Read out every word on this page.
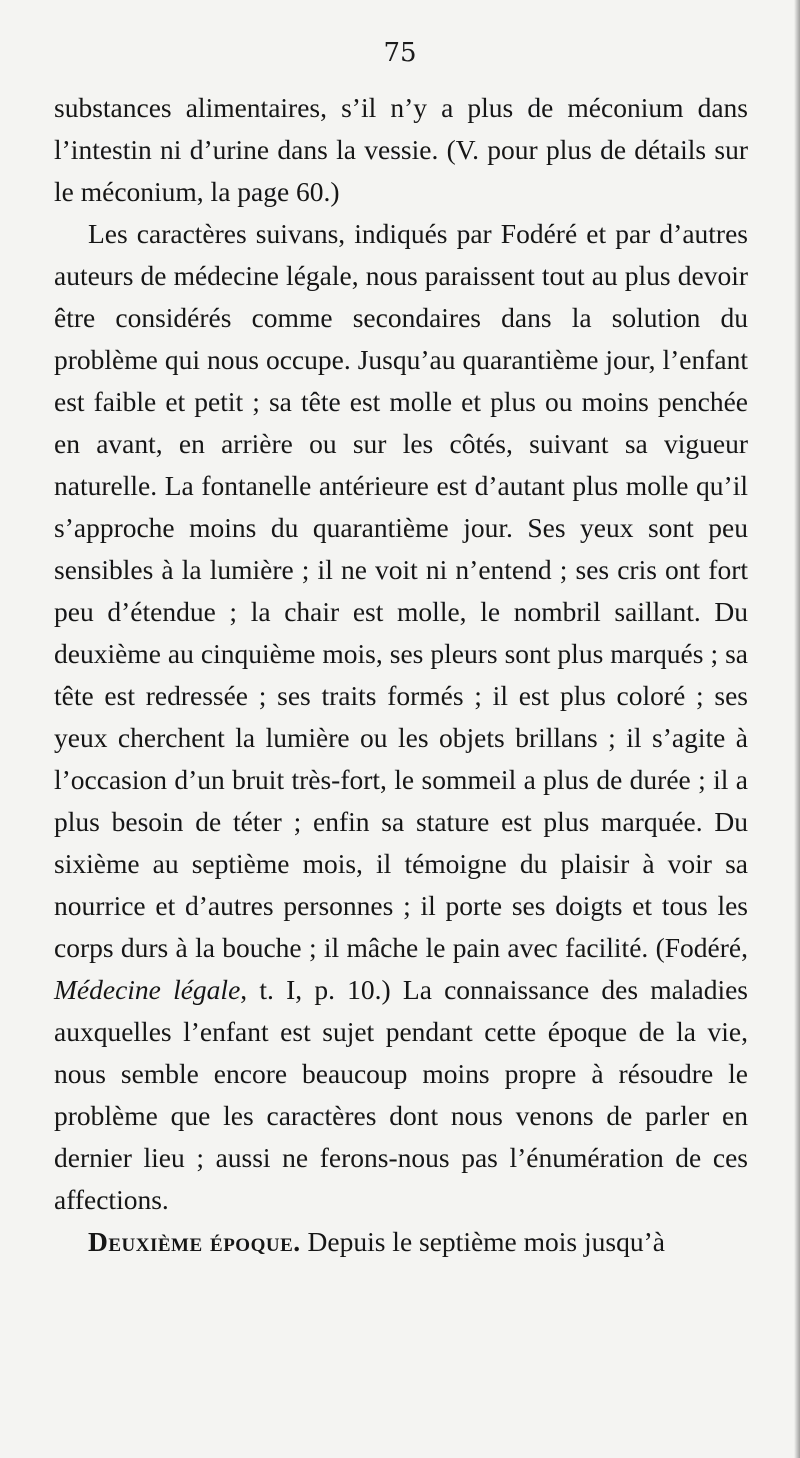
75

substances alimentaires, s’il n’y a plus de méconium dans l’intestin ni d’urine dans la vessie. (V. pour plus de détails sur le méconium, la page 60.)

Les caractères suivans, indiqués par Fodéré et par d’autres auteurs de médecine légale, nous paraissent tout au plus devoir être considérés comme secondaires dans la solution du problème qui nous occupe. Jusqu’au quarantième jour, l’enfant est faible et petit ; sa tête est molle et plus ou moins penchée en avant, en arrière ou sur les côtés, suivant sa vigueur naturelle. La fontanelle antérieure est d’autant plus molle qu’il s’approche moins du quarantième jour. Ses yeux sont peu sensibles à la lumière ; il ne voit ni n’entend ; ses cris ont fort peu d’étendue ; la chair est molle, le nombril saillant. Du deuxième au cinquième mois, ses pleurs sont plus marqués ; sa tête est redressée ; ses traits formés ; il est plus coloré ; ses yeux cherchent la lumière ou les objets brillans ; il s’agite à l’occasion d’un bruit très-fort, le sommeil a plus de durée ; il a plus besoin de téter ; enfin sa stature est plus marquée. Du sixième au septième mois, il témoigne du plaisir à voir sa nourrice et d’autres personnes ; il porte ses doigts et tous les corps durs à la bouche ; il mâche le pain avec facilité. (Fodéré, Médecine légale, t. I, p. 10.) La connaissance des maladies auxquelles l’enfant est sujet pendant cette époque de la vie, nous semble encore beaucoup moins propre à résoudre le problème que les caractères dont nous venons de parler en dernier lieu ; aussi ne ferons-nous pas l’énumération de ces affections.

Deuxième époque. Depuis le septième mois jusqu’à
